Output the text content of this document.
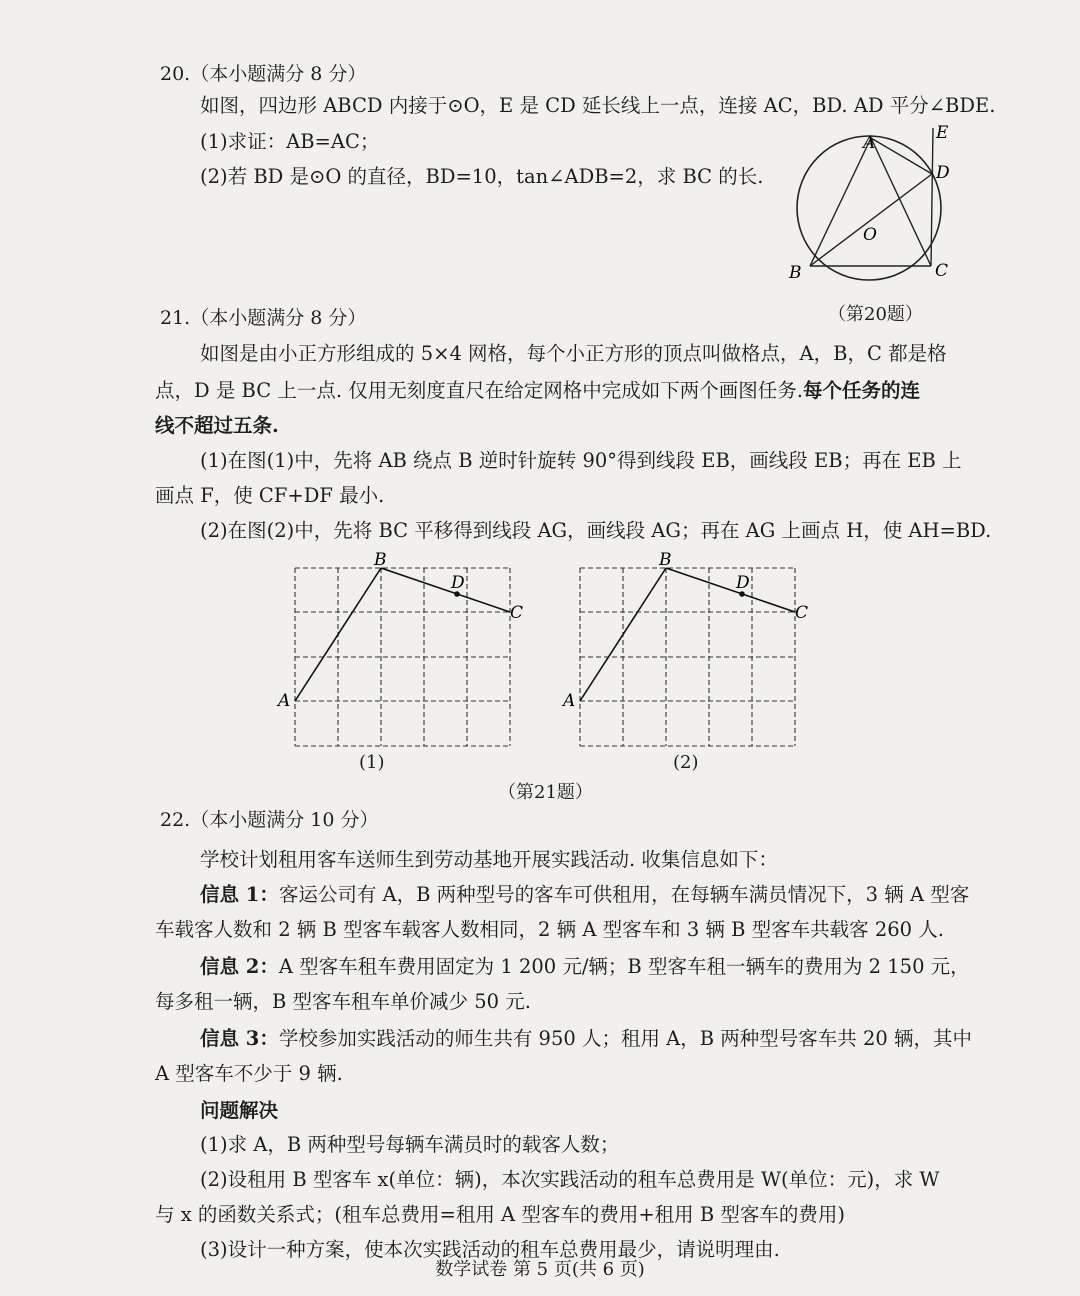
20.（本小题满分 8 分）
如图，四边形 ABCD 内接于⊙O，E 是 CD 延长线上一点，连接 AC，BD. AD 平分∠BDE.
(1)求证：AB=AC；
(2)若 BD 是⊙O 的直径，BD=10，tan∠ADB=2，求 BC 的长.
A
B	C
D
E
O
（第20题）
21.（本小题满分 8 分）
如图是由小正方形组成的 5×4 网格，每个小正方形的顶点叫做格点，A，B，C 都是格
点，D 是 BC 上一点. 仅用无刻度直尺在给定网格中完成如下两个画图任务.每个任务的连
线不超过五条.
(1)在图(1)中，先将 AB 绕点 B 逆时针旋转 90°得到线段 EB，画线段 EB；再在 EB 上
画点 F，使 CF+DF 最小.
(2)在图(2)中，先将 BC 平移得到线段 AG，画线段 AG；再在 AG 上画点 H，使 AH=BD.
A
B
C
D
A
B
C
D
(1)	(2)
（第21题）
22.（本小题满分 10 分）
学校计划租用客车送师生到劳动基地开展实践活动. 收集信息如下：
信息 1：客运公司有 A，B 两种型号的客车可供租用，在每辆车满员情况下，3 辆 A 型客
车载客人数和 2 辆 B 型客车载客人数相同，2 辆 A 型客车和 3 辆 B 型客车共载客 260 人.
信息 2：A 型客车租车费用固定为 1 200 元/辆；B 型客车租一辆车的费用为 2 150 元，
每多租一辆，B 型客车租车单价减少 50 元.
信息 3：学校参加实践活动的师生共有 950 人；租用 A，B 两种型号客车共 20 辆，其中
A 型客车不少于 9 辆.
问题解决
(1)求 A，B 两种型号每辆车满员时的载客人数；
(2)设租用 B 型客车 x(单位：辆)，本次实践活动的租车总费用是 W(单位：元)，求 W
与 x 的函数关系式；(租车总费用=租用 A 型客车的费用+租用 B 型客车的费用)
(3)设计一种方案，使本次实践活动的租车总费用最少，请说明理由.
数学试卷 第 5 页(共 6 页)
